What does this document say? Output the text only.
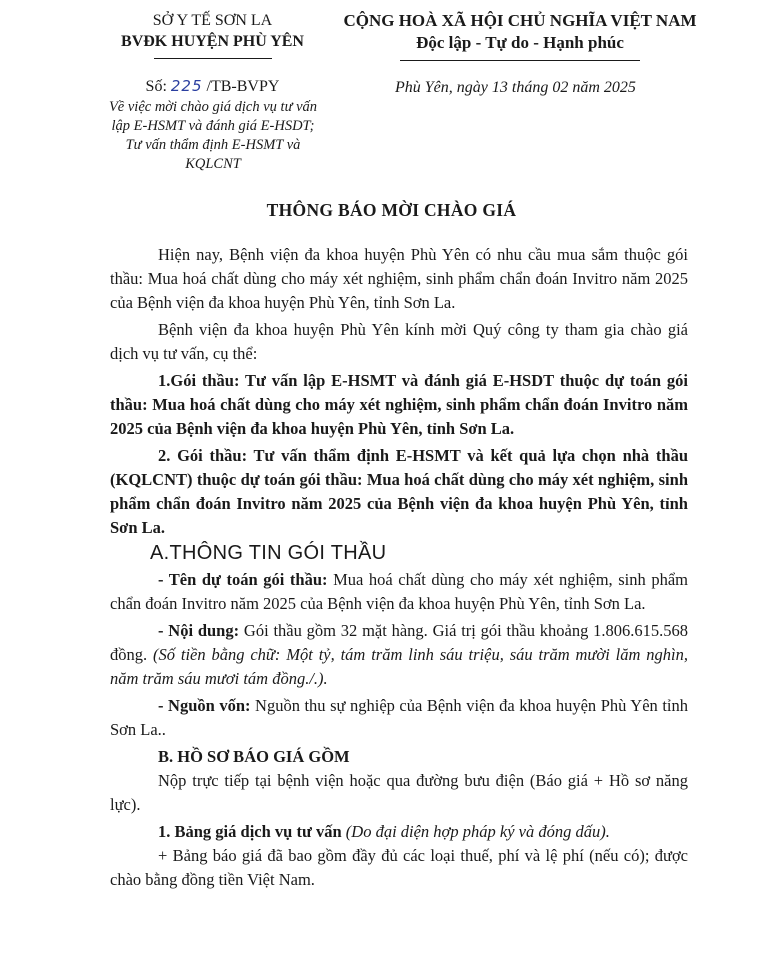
SỞ Y TẾ SƠN LA
BVĐK HUYỆN PHÙ YÊN
CỘNG HOÀ XÃ HỘI CHỦ NGHĨA VIỆT NAM
Độc lập - Tự do - Hạnh phúc
Số: 225 /TB-BVPY
Về việc mời chào giá dịch vụ tư vấn
lập E-HSMT và đánh giá E-HSDT;
Tư vấn thẩm định E-HSMT và
KQLCNT
Phù Yên, ngày 13 tháng 02 năm 2025
THÔNG BÁO MỜI CHÀO GIÁ

Hiện nay, Bệnh viện đa khoa huyện Phù Yên có nhu cầu mua sắm thuộc gói thầu: Mua hoá chất dùng cho máy xét nghiệm, sinh phẩm chẩn đoán Invitro năm 2025 của Bệnh viện đa khoa huyện Phù Yên, tỉnh Sơn La.

Bệnh viện đa khoa huyện Phù Yên kính mời Quý công ty tham gia chào giá dịch vụ tư vấn, cụ thể:

1.Gói thầu: Tư vấn lập E-HSMT và đánh giá E-HSDT thuộc dự toán gói thầu: Mua hoá chất dùng cho máy xét nghiệm, sinh phẩm chẩn đoán Invitro năm 2025 của Bệnh viện đa khoa huyện Phù Yên, tỉnh Sơn La.

2. Gói thầu: Tư vấn thẩm định E-HSMT và kết quả lựa chọn nhà thầu (KQLCNT) thuộc dự toán gói thầu: Mua hoá chất dùng cho máy xét nghiệm, sinh phẩm chẩn đoán Invitro năm 2025 của Bệnh viện đa khoa huyện Phù Yên, tỉnh Sơn La.

A.THÔNG TIN GÓI THẦU

- Tên dự toán gói thầu: Mua hoá chất dùng cho máy xét nghiệm, sinh phẩm chẩn đoán Invitro năm 2025 của Bệnh viện đa khoa huyện Phù Yên, tỉnh Sơn La.

- Nội dung: Gói thầu gồm 32 mặt hàng. Giá trị gói thầu khoảng 1.806.615.568 đồng. (Số tiền bằng chữ: Một tỷ, tám trăm linh sáu triệu, sáu trăm mười lăm nghìn, năm trăm sáu mươi tám đồng./.).

- Nguồn vốn: Nguồn thu sự nghiệp của Bệnh viện đa khoa huyện Phù Yên tỉnh Sơn La..

B. HỒ SƠ BÁO GIÁ GỒM

Nộp trực tiếp tại bệnh viện hoặc qua đường bưu điện (Báo giá + Hồ sơ năng lực).

1. Bảng giá dịch vụ tư vấn (Do đại diện hợp pháp ký và đóng dấu).

+ Bảng báo giá đã bao gồm đầy đủ các loại thuế, phí và lệ phí (nếu có); được chào bằng đồng tiền Việt Nam.
